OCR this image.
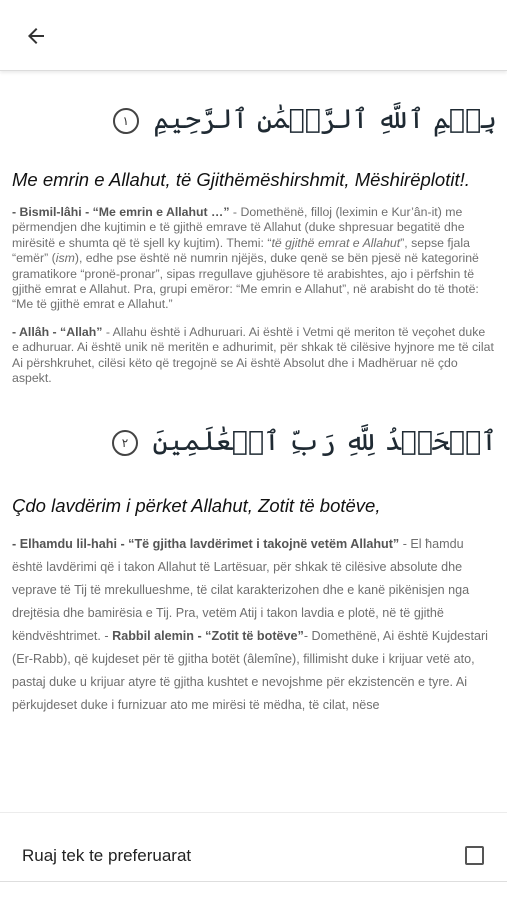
بِسۡمِ ٱللَّهِ ٱلرَّحۡمَٰنِ ٱلرَّحِيمِ ١
Me emrin e Allahut, të Gjithëmëshirshmit, Mëshirëplotit!.

- Bismil-lâhi - “Me emrin e Allahut …” - Domethënë, filloj (leximin e Kur’ân-it) me përmendjen dhe kujtimin e të gjithë emrave të Allahut (duke shpresuar begatitë dhe mirësitë e shumta që të sjell ky kujtim). Themi: “të gjithë emrat e Allahut”, sepse fjala “emër” (ism), edhe pse është në numrin njëjës, duke qenë se bën pjesë në kategorinë gramatikore “pronë-pronar”, sipas rregullave gjuhësore të arabishtes, ajo i përfshin të gjithë emrat e Allahut. Pra, grupi emëror: “Me emrin e Allahut”, në arabisht do të thotë: “Me të gjithë emrat e Allahut.”

- Allâh - “Allah” - Allahu është i Adhuruari. Ai është i Vetmi që meriton të veçohet duke e adhuruar. Ai është unik në meritën e adhurimit, për shkak të cilësive hyjnore me të cilat Ai përshkruhet, cilësi këto që tregojnë se Ai është Absolut dhe i Madhëruar në çdo aspekt.

ٱلۡحَمۡدُ لِلَّهِ رَبِّ ٱلۡعَٰلَمِينَ ٢
Çdo lavdërim i përket Allahut, Zotit të botëve,

- Elhamdu lil-hahi - “Të gjitha lavdërimet i takojnë vetëm Allahut” - El ħamdu është lavdërimi që i takon Allahut të Lartësuar, për shkak të cilësive absolute dhe veprave të Tij të mrekullueshme, të cilat karakterizohen dhe e kanë pikënisjen nga drejtësia dhe bamirësia e Tij. Pra, vetëm Atij i takon lavdia e plotë, në të gjithë këndvështrimet. - Rabbil alemin - “Zotit të botëve”- Domethënë, Ai është Kujdestari (Er-Rabb), që kujdeset për të gjitha botët (âlemîne), fillimisht duke i krijuar vetë ato, pastaj duke u krijuar atyre të gjitha kushtet e nevojshme për ekzistencën e tyre. Ai përkujdeset duke i furnizuar ato me mirësi të mëdha, të cilat, nëse

Ruaj tek te preferuarat
